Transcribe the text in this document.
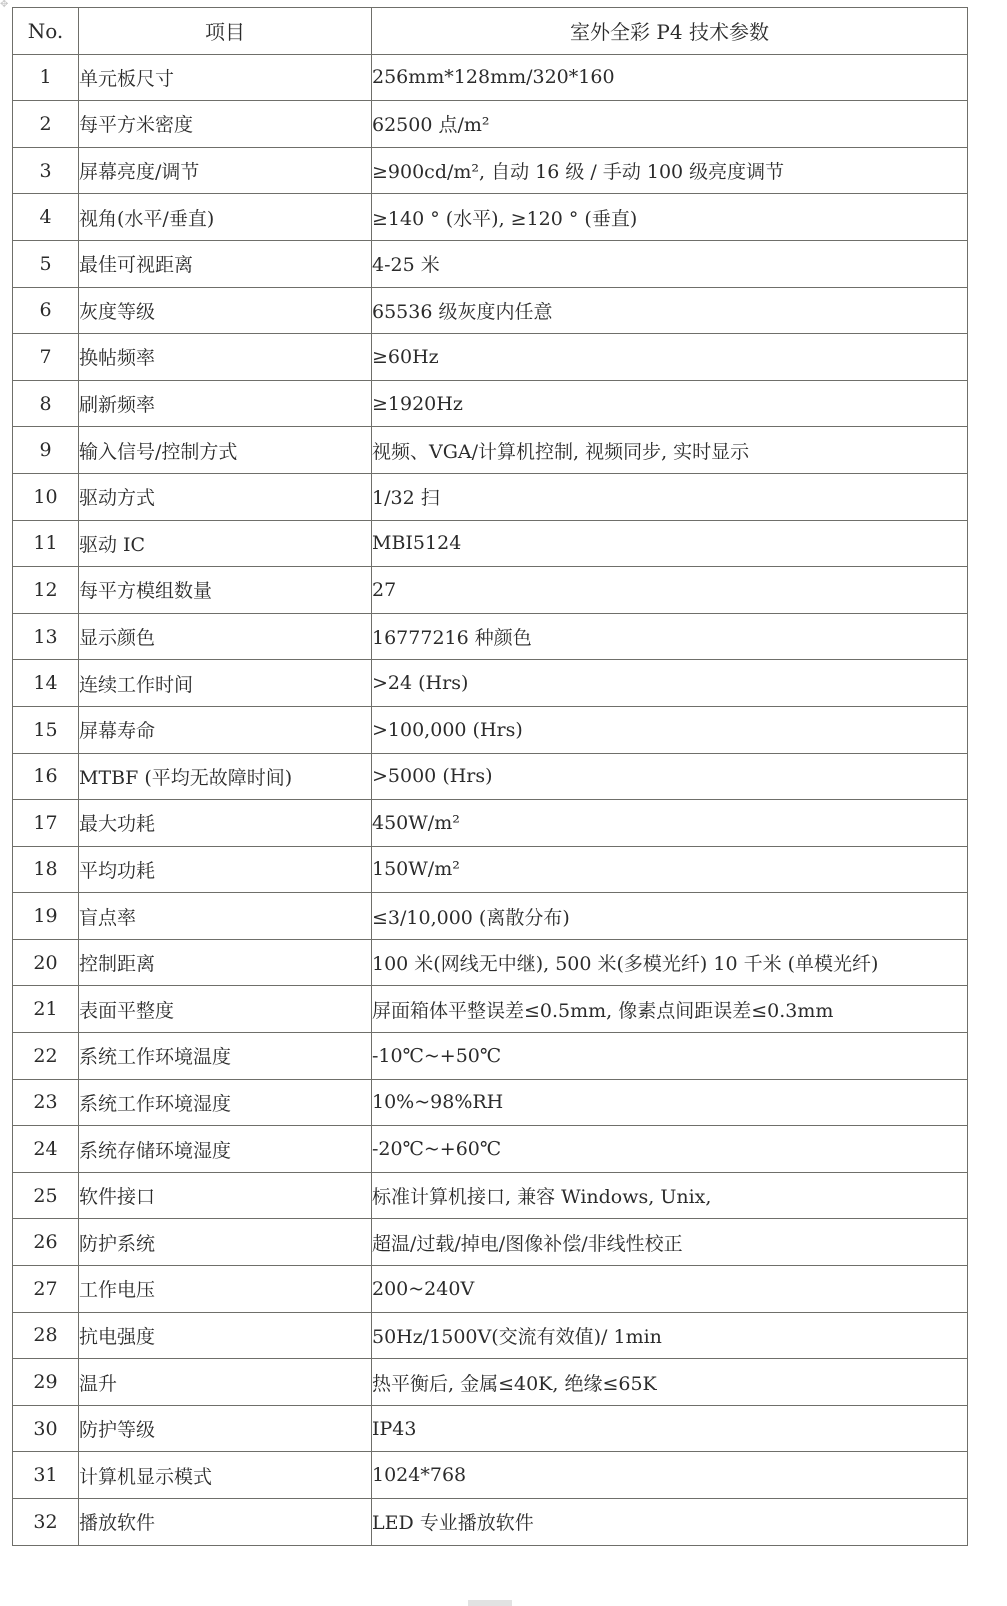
✥
No.	项目	室外全彩 P4 技术参数
1	单元板尺寸	256mm*128mm/320*160
2	每平方米密度	62500 点/m²
3	屏幕亮度/调节	≥900cd/m², 自动 16 级 / 手动 100 级亮度调节
4	视角(水平/垂直)	≥140 ° (水平), ≥120 ° (垂直)
5	最佳可视距离	4-25 米
6	灰度等级	65536 级灰度内任意
7	换帖频率	≥60Hz
8	刷新频率	≥1920Hz
9	输入信号/控制方式	视频、VGA/计算机控制, 视频同步, 实时显示
10	驱动方式	1/32 扫
11	驱动 IC	MBI5124
12	每平方模组数量	27
13	显示颜色	16777216 种颜色
14	连续工作时间	>24 (Hrs)
15	屏幕寿命	>100,000 (Hrs)
16	MTBF (平均无故障时间)	>5000 (Hrs)
17	最大功耗	450W/m²
18	平均功耗	150W/m²
19	盲点率	≤3/10,000 (离散分布)
20	控制距离	100 米(网线无中继), 500 米(多模光纤) 10 千米 (单模光纤)
21	表面平整度	屏面箱体平整误差≤0.5mm, 像素点间距误差≤0.3mm
22	系统工作环境温度	-10℃~+50℃
23	系统工作环境湿度	10%~98%RH
24	系统存储环境湿度	-20℃~+60℃
25	软件接口	标准计算机接口, 兼容 Windows, Unix,
26	防护系统	超温/过载/掉电/图像补偿/非线性校正
27	工作电压	200~240V
28	抗电强度	50Hz/1500V(交流有效值)/ 1min
29	温升	热平衡后, 金属≤40K, 绝缘≤65K
30	防护等级	IP43
31	计算机显示模式	1024*768
32	播放软件	LED 专业播放软件
